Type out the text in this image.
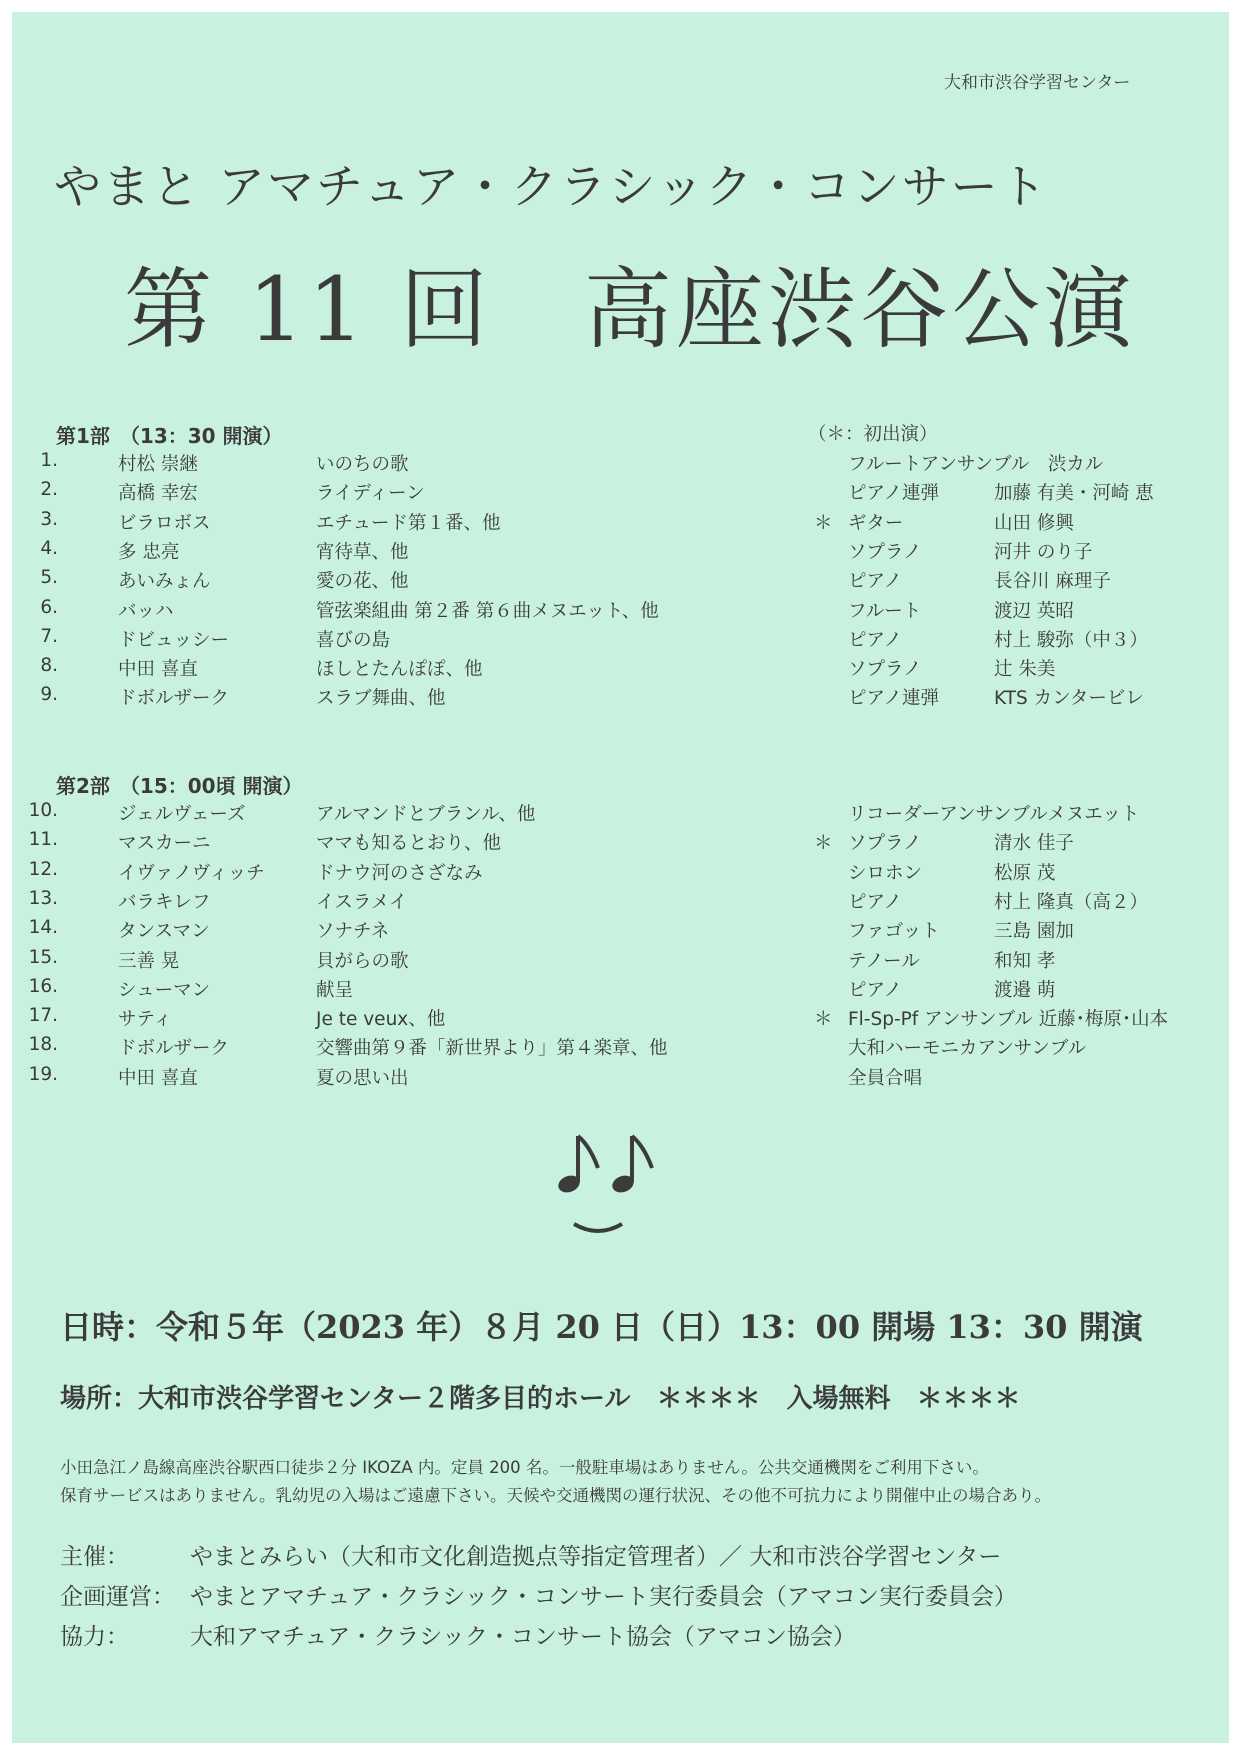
大和市渋谷学習センター
やまと アマチュア・クラシック・コンサート
第 11 回　高座渋谷公演
第1部　（13：30 開演）	（＊：初出演）
1.	村松 崇継	いのちの歌
2.	高橋 幸宏	ライディーン
3.	ビラロボス	エチュード第１番、他
4.	多 忠亮	宵待草、他
5.	あいみょん	愛の花、他
6.	バッハ	管弦楽組曲 第２番 第６曲メヌエット、他
7.	ドビュッシー	喜びの島
8.	中田 喜直	ほしとたんぽぽ、他
9.	ドボルザーク	スラブ舞曲、他
フルートアンサンブル　渋カル
ピアノ連弾	加藤 有美・河崎 恵
＊ ギター	山田 修興
ソプラノ	河井 のり子
ピアノ	長谷川 麻理子
フルート	渡辺 英昭
ピアノ	村上 駿弥（中３）
ソプラノ	辻 朱美
ピアノ連弾	KTS カンタービレ
第2部　（15：00頃 開演）
10.	ジェルヴェーズ	アルマンドとブランル、他
11.	マスカーニ	ママも知るとおり、他
12.	イヴァノヴィッチ	ドナウ河のさざなみ
13.	バラキレフ	イスラメイ
14.	タンスマン	ソナチネ
15.	三善 晃	貝がらの歌
16.	シューマン	献呈
17.	サティ	Je te veux、他
18.	ドボルザーク	交響曲第９番「新世界より」第４楽章、他
19.	中田 喜直	夏の思い出
リコーダーアンサンブルメヌエット
＊ ソプラノ	清水 佳子
シロホン	松原 茂
ピアノ	村上 隆真（高２）
ファゴット	三島 園加
テノール	和知 孝
ピアノ	渡邉 萌
＊ Fl-Sp-Pf アンサンブル 近藤･梅原･山本
大和ハーモニカアンサンブル
全員合唱
日時：令和５年（2023 年）８月 20 日（日）13：00 開場 13：30 開演
場所：大和市渋谷学習センター２階多目的ホール　＊＊＊＊　入場無料　＊＊＊＊
小田急江ノ島線高座渋谷駅西口徒歩２分 IKOZA 内。定員 200 名。一般駐車場はありません。公共交通機関をご利用下さい。
保育サービスはありません。乳幼児の入場はご遠慮下さい。天候や交通機関の運行状況、その他不可抗力により開催中止の場合あり。
主催：	やまとみらい（大和市文化創造拠点等指定管理者）／ 大和市渋谷学習センター
企画運営： やまとアマチュア・クラシック・コンサート実行委員会（アマコン実行委員会）
協力：	大和アマチュア・クラシック・コンサート協会（アマコン協会）
